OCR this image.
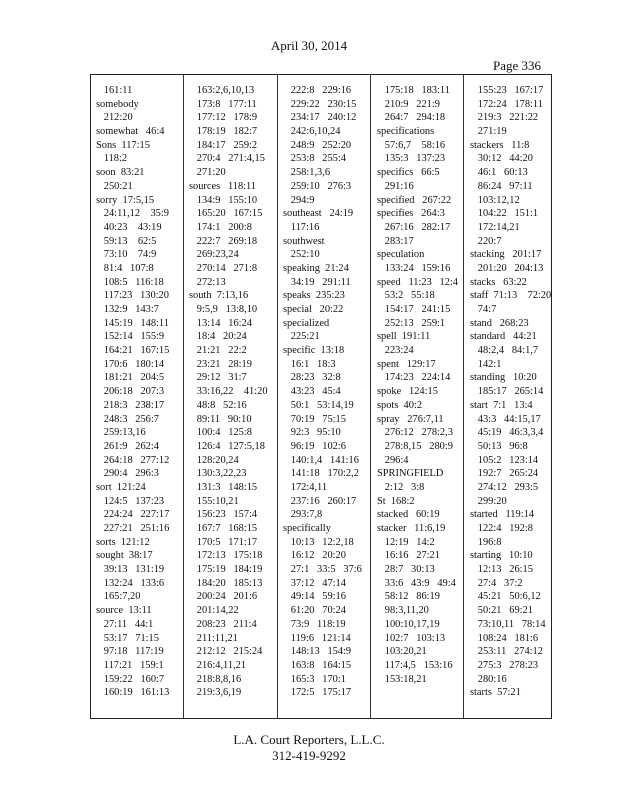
April 30, 2014
Page 336
161:11
somebody
212:20
somewhat   46:4
Sons  117:15
118:2
soon  83:21
250:21
sorry  17:5,15
24:11,12    35:9
40:23    43:19
59:13    62:5
73:10    74:9
81:4   107:8
108:5   116:18
117:23   130:20
132:9   143:7
145:19   148:11
152:14   155:9
164:21   167:15
170:6   180:14
181:21   204:5
206:18   207:3
218:3   238:17
248:3   256:7
259:13,16
261:9   262:4
264:18   277:12
290:4   296:3
sort  121:24
124:5   137:23
224:24   227:17
227:21   251:16
sorts  121:12
sought  38:17
39:13   131:19
132:24   133:6
165:7,20
source  13:11
27:11   44:1
53:17   71:15
97:18   117:19
117:21   159:1
159:22   160:7
160:19   161:13
163:2,6,10,13
173:8   177:11
177:12   178:9
178:19   182:7
184:17   259:2
270:4   271:4,15
271:20
sources   118:11
134:9   155:10
165:20   167:15
174:1   200:8
222:7   269:18
269:23,24
270:14   271:8
272:13
south  7:13,16
9:5,9   13:8,10
13:14   16:24
18:4   20:24
21:21   22:2
23:21   28:19
29:12   31:7
33:16,22    41:20
48:8   52:16
89:11   90:10
100:4   125:8
126:4   127:5,18
128:20,24
130:3,22,23
131:3   148:15
155:10,21
156:23   157:4
167:7   168:15
170:5   171:17
172:13   175:18
175:19   184:19
184:20   185:13
200:24   201:6
201:14,22
208:23   211:4
211:11,21
212:12   215:24
216:4,11,21
218:8,8,16
219:3,6,19
222:8   229:16
229:22   230:15
234:17   240:12
242:6,10,24
248:9   252:20
253:8   255:4
258:1,3,6
259:10   276:3
294:9
southeast   24:19
117:16
southwest
252:10
speaking  21:24
34:19   291:11
speaks  235:23
special   20:22
specialized
225:21
specific  13:18
16:1   18:3
28:23   32:8
43:23   45:4
50:1   53:14,19
70:19   75:15
92:3   95:10
96:19   102:6
140:1,4   141:16
141:18   170:2,2
172:4,11
237:16   260:17
293:7,8
specifically
10:13   12:2,18
16:12   20:20
27:1   33:5   37:6
37:12   47:14
49:14   59:16
61:20   70:24
73:9   118:19
119:6   121:14
148:13   154:9
163:8   164:15
165:3   170:1
172:5   175:17
175:18   183:11
210:9   221:9
264:7   294:18
specifications
57:6,7    58:16
135:3   137:23
specifics   66:5
291:16
specified   267:22
specifies   264:3
267:16   282:17
283:17
speculation
133:24   159:16
speed   11:23   12:4
53:2   55:18
154:17   241:15
252:13   259:1
spell  191:11
223:24
spent   129:17
174:23   224:14
spoke   124:15
spots  40:2
spray   276:7,11
276:12   278:2,3
278:8,15   280:9
296:4
SPRINGFIELD
2:12   3:8
St  168:2
stacked   60:19
stacker   11:6,19
12:19   14:2
16:16   27:21
28:7   30:13
33:6   43:9   49:4
58:12   86:19
98:3,11,20
100:10,17,19
102:7   103:13
103:20,21
117:4,5   153:16
153:18,21
155:23   167:17
172:24   178:11
219:3   221:22
271:19
stackers   11:8
30:12   44:20
46:1   60:13
86:24   97:11
103:12,12
104:22   151:1
172:14,21
220:7
stacking   201:17
201:20   204:13
stacks   63:22
staff  71:13    72:20
74:7
stand   268:23
standard   44:21
48:2,4   84:1,7
142:1
standing   10:20
185:17   265:14
start  7:1   13:4
43:3   44:15,17
45:19   46:3,3,4
50:13   96:8
105:2   123:14
192:7   265:24
274:12   293:5
299:20
started   119:14
122:4   192:8
196:8
starting   10:10
12:13   26:15
27:4   37:2
45:21   50:6,12
50:21   69:21
73:10,11   78:14
108:24   181:6
253:11   274:12
275:3   278:23
280:16
starts  57:21
L.A. Court Reporters, L.L.C.
312-419-9292
